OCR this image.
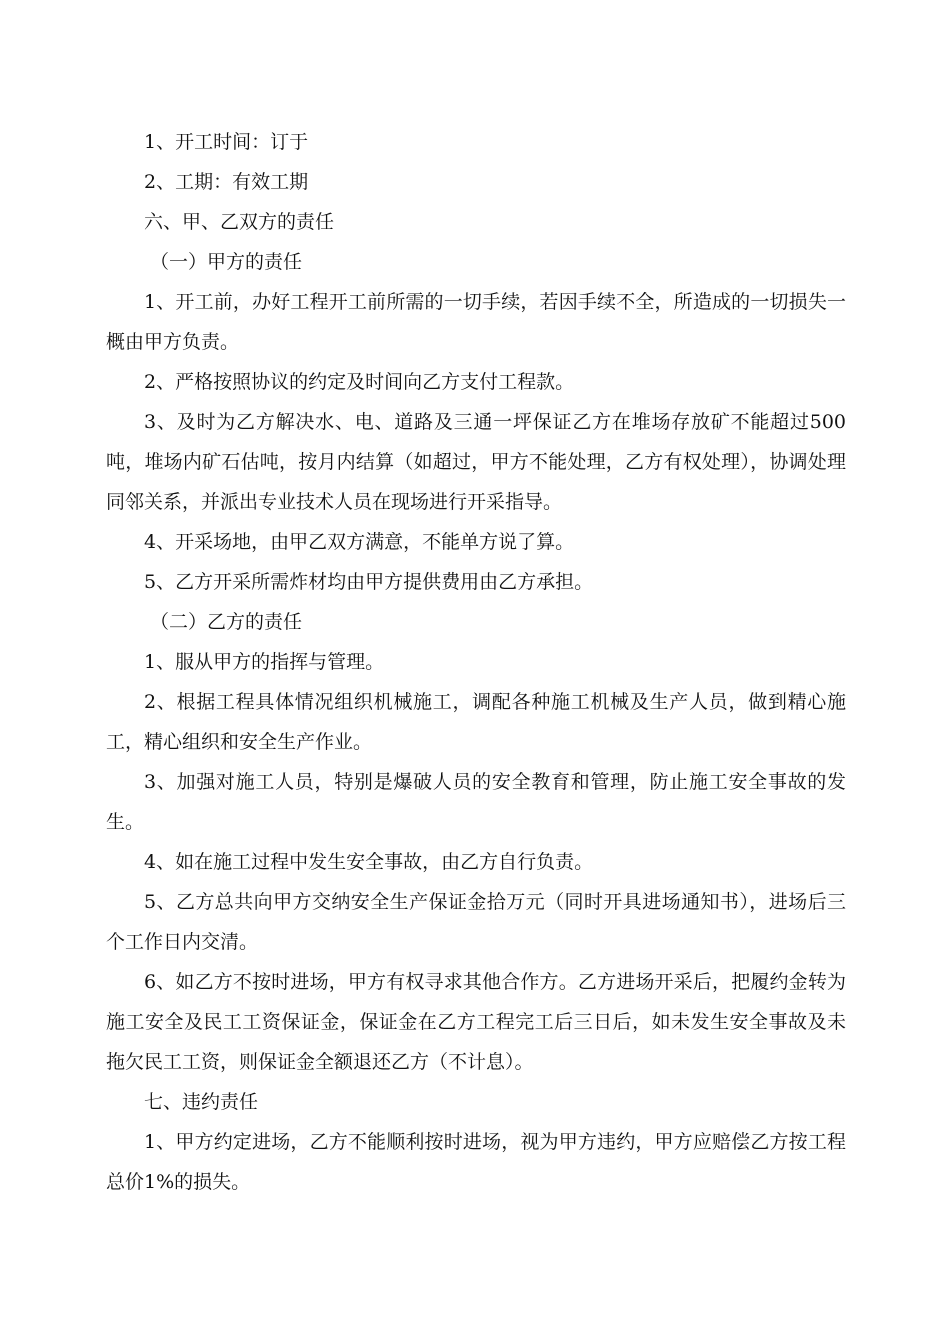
1、开工时间：订于

2、工期：有效工期

六、甲、乙双方的责任

（一）甲方的责任

1、开工前，办好工程开工前所需的一切手续，若因手续不全，所造成的一切损失一概由甲方负责。

2、严格按照协议的约定及时间向乙方支付工程款。

3、及时为乙方解决水、电、道路及三通一坪保证乙方在堆场存放矿不能超过500吨，堆场内矿石估吨，按月内结算（如超过，甲方不能处理，乙方有权处理），协调处理同邻关系，并派出专业技术人员在现场进行开采指导。

4、开采场地，由甲乙双方满意，不能单方说了算。

5、乙方开采所需炸材均由甲方提供费用由乙方承担。

（二）乙方的责任

1、服从甲方的指挥与管理。

2、根据工程具体情况组织机械施工，调配各种施工机械及生产人员，做到精心施工，精心组织和安全生产作业。

3、加强对施工人员，特别是爆破人员的安全教育和管理，防止施工安全事故的发生。

4、如在施工过程中发生安全事故，由乙方自行负责。

5、乙方总共向甲方交纳安全生产保证金拾万元（同时开具进场通知书），进场后三个工作日内交清。

6、如乙方不按时进场，甲方有权寻求其他合作方。乙方进场开采后，把履约金转为施工安全及民工工资保证金，保证金在乙方工程完工后三日后，如未发生安全事故及未拖欠民工工资，则保证金全额退还乙方（不计息）。

七、违约责任

1、甲方约定进场，乙方不能顺利按时进场，视为甲方违约，甲方应赔偿乙方按工程总价1%的损失。
